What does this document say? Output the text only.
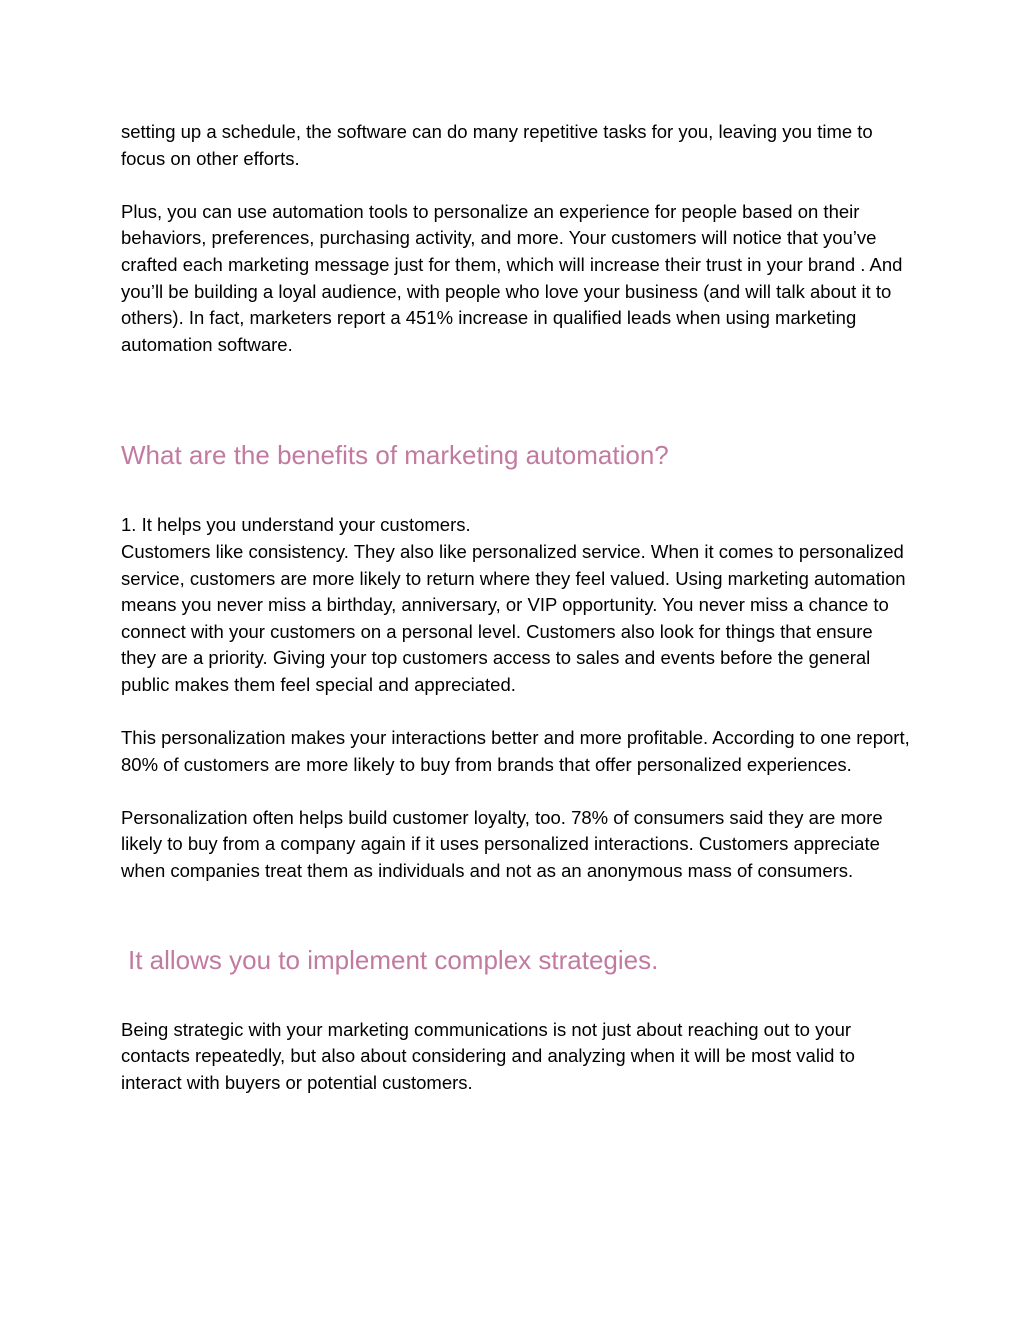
setting up a schedule, the software can do many repetitive tasks for you, leaving you time to focus on other efforts.

Plus, you can use automation tools to personalize an experience for people based on their behaviors, preferences, purchasing activity, and more. Your customers will notice that you’ve crafted each marketing message just for them, which will increase their trust in your brand . And you’ll be building a loyal audience, with people who love your business (and will talk about it to others). In fact, marketers report a 451% increase in qualified leads when using marketing automation software.

What are the benefits of marketing automation?

1. It helps you understand your customers.

Customers like consistency. They also like personalized service. When it comes to personalized service, customers are more likely to return where they feel valued. Using marketing automation means you never miss a birthday, anniversary, or VIP opportunity. You never miss a chance to connect with your customers on a personal level. Customers also look for things that ensure they are a priority. Giving your top customers access to sales and events before the general public makes them feel special and appreciated.

This personalization makes your interactions better and more profitable. According to one report, 80% of customers are more likely to buy from brands that offer personalized experiences.

Personalization often helps build customer loyalty, too. 78% of consumers said they are more likely to buy from a company again if it uses personalized interactions. Customers appreciate when companies treat them as individuals and not as an anonymous mass of consumers.

It allows you to implement complex strategies.

Being strategic with your marketing communications is not just about reaching out to your contacts repeatedly, but also about considering and analyzing when it will be most valid to interact with buyers or potential customers.
